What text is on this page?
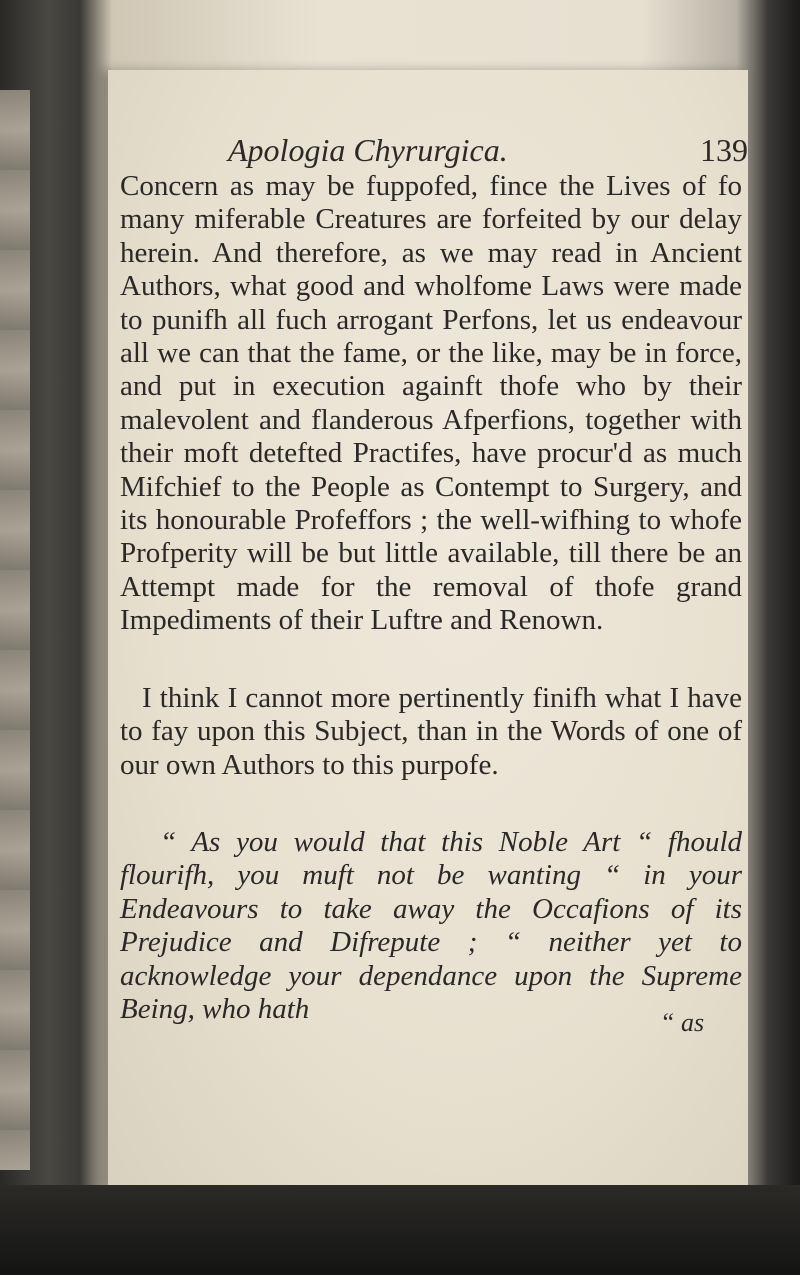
Apologia Chyrurgica.	139

Concern as may be fuppofed, fince the Lives of fo many miferable Creatures are forfeited by our delay herein. And therefore, as we may read in Ancient Authors, what good and wholfome Laws were made to punifh all fuch arrogant Perfons, let us endeavour all we can that the fame, or the like, may be in force, and put in execution againft thofe who by their malevolent and flanderous Afperfions, together with their moft detefted Practifes, have procur'd as much Mifchief to the People as Contempt to Surgery, and its honourable Profeffors ; the well-wifhing to whofe Profperity will be but little available, till there be an Attempt made for the removal of thofe grand Impediments of their Luftre and Renown.

I think I cannot more pertinently finifh what I have to fay upon this Subject, than in the Words of one of our own Authors to this purpofe.

“ As you would that this Noble Art “ fhould flourifh, you muft not be wanting “ in your Endeavours to take away the Occafions of its Prejudice and Difrepute ; “ neither yet to acknowledge your dependance upon the Supreme Being, who hath	“ as
